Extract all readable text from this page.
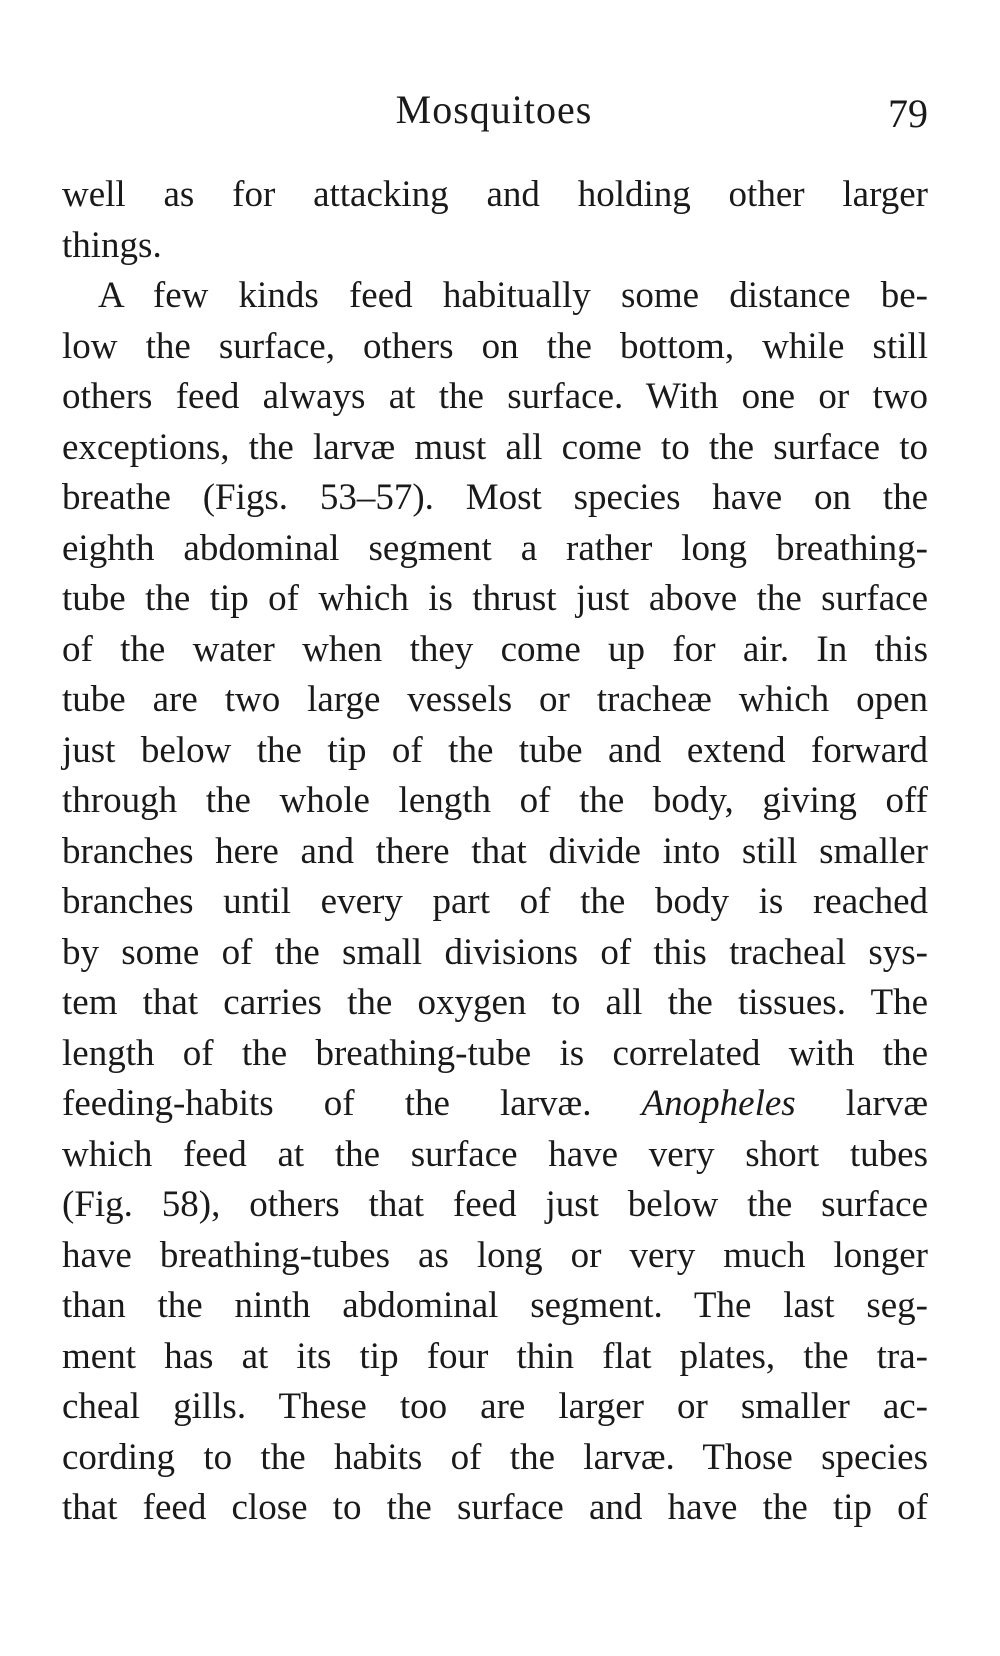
Mosquitoes	79
well as for attacking and holding other larger
things.
A few kinds feed habitually some distance be-
low the surface, others on the bottom, while still
others feed always at the surface. With one or two
exceptions, the larvæ must all come to the surface to
breathe (Figs. 53–57). Most species have on the
eighth abdominal segment a rather long breathing-
tube the tip of which is thrust just above the surface
of the water when they come up for air. In this
tube are two large vessels or tracheæ which open
just below the tip of the tube and extend forward
through the whole length of the body, giving off
branches here and there that divide into still smaller
branches until every part of the body is reached
by some of the small divisions of this tracheal sys-
tem that carries the oxygen to all the tissues. The
length of the breathing-tube is correlated with the
feeding-habits of the larvæ. Anopheles larvæ
which feed at the surface have very short tubes
(Fig. 58), others that feed just below the surface
have breathing-tubes as long or very much longer
than the ninth abdominal segment. The last seg-
ment has at its tip four thin flat plates, the tra-
cheal gills. These too are larger or smaller ac-
cording to the habits of the larvæ. Those species
that feed close to the surface and have the tip of
